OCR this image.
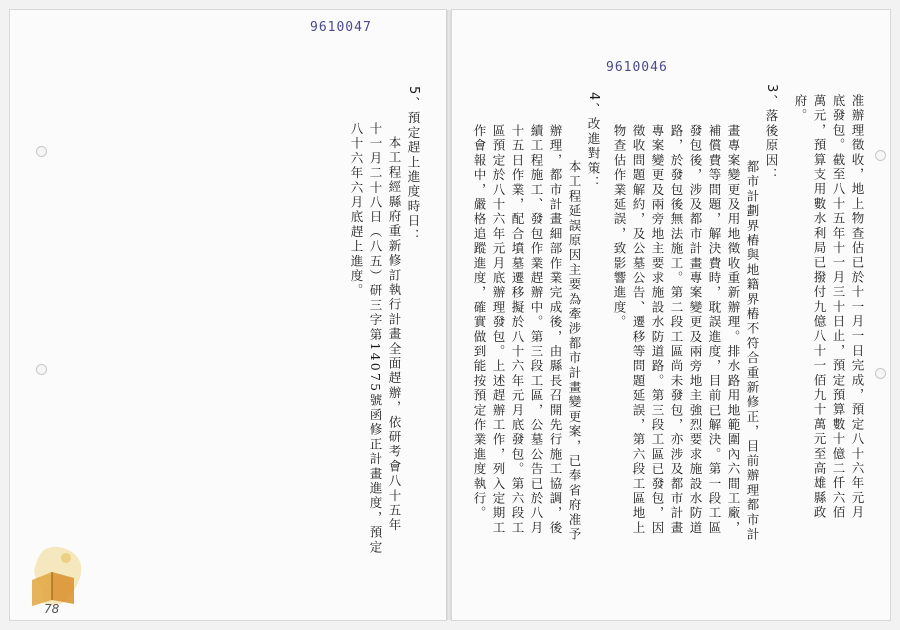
9610047
5、預定趕上進度時日：
本工程經縣府重新修訂執行計畫全面趕辦，依研考會八十五年
十一月二十八日（八五）研三字第14075號函修正計畫進度，預定
八十六年六月底趕上進度。
78
9610046
准辦理徵收，地上物查估已於十一月一日完成，預定八十六年元月
底發包。截至八十五年十一月三十日止，預定預算數十億二仟六佰
萬元，預算支用數水利局已撥付九億八十一佰九十萬元至高雄縣政
府。
3、落後原因：
都市計劃界樁與地籍界樁不符合重新修正，目前辦理都市計
畫專案變更及用地徵收重新辦理。排水路用地範圍內六間工廠，
補償費等問題，解決費時，耽誤進度，目前已解決。第一段工區
發包後，涉及都市計畫專案變更及兩旁地主強烈要求施設水防道
路，於發包後無法施工。第二段工區尚未發包，亦涉及都市計畫
專案變更及兩旁地主要求施設水防道路。第三段工區已發包，因
徵收問題解約，及公墓公告、遷移等問題延誤，第六段工區地上
物查估作業延誤，致影響進度。
4、改進對策：
本工程延誤原因主要為牽涉都市計畫變更案，已奉省府准予
辦理，都市計畫細部作業完成後，由縣長召開先行施工協調，後
續工程施工、發包作業趕辦中。第三段工區，公墓公告已於八月
十五日作業，配合墳墓遷移擬於八十六年元月底發包。第六段工
區預定於八十六年元月底辦理發包。上述趕辦工作，列入定期工
作會報中，嚴格追蹤進度，確實做到能按預定作業進度執行。
